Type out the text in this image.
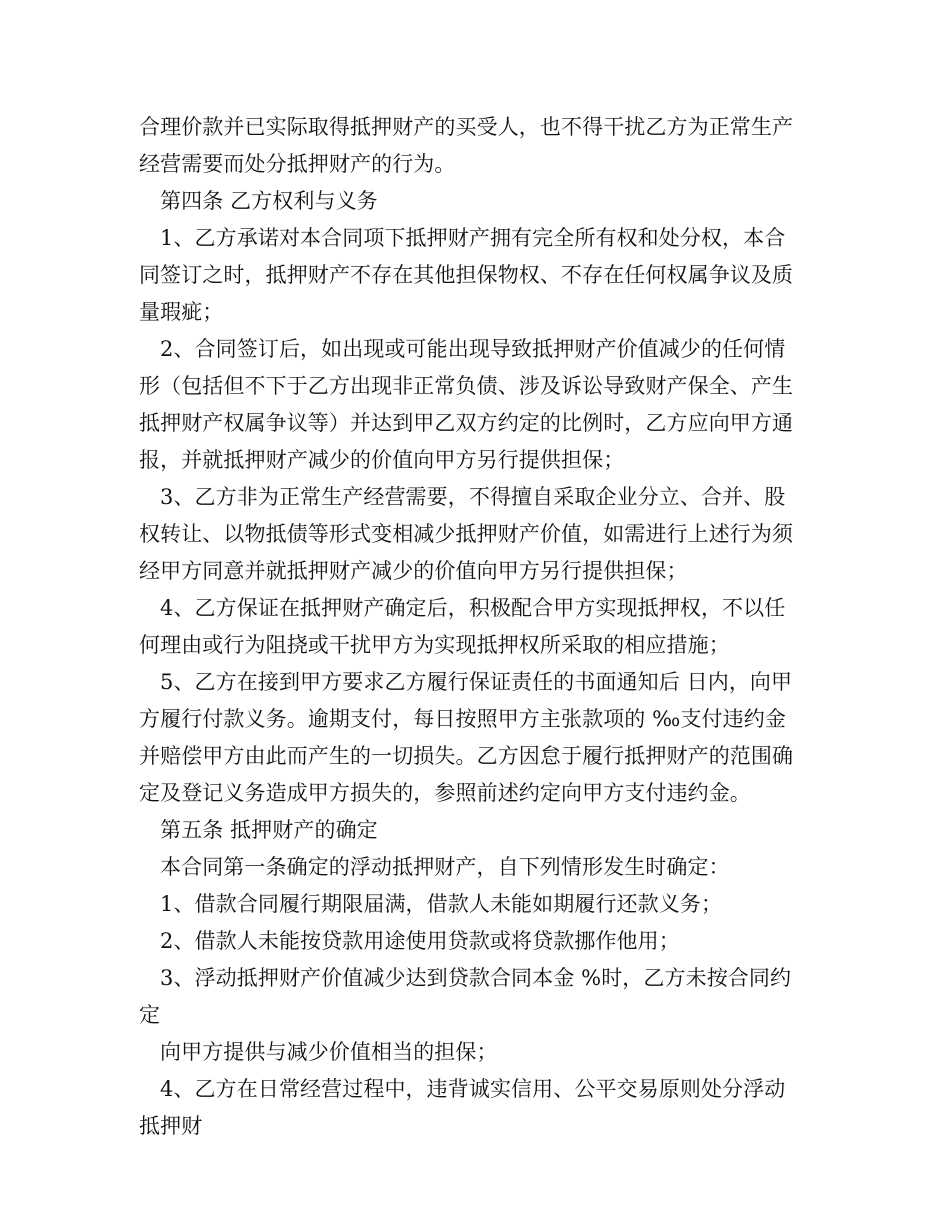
合理价款并已实际取得抵押财产的买受人，也不得干扰乙方为正常生产

经营需要而处分抵押财产的行为。

第四条 乙方权利与义务

1、乙方承诺对本合同项下抵押财产拥有完全所有权和处分权，本合

同签订之时，抵押财产不存在其他担保物权、不存在任何权属争议及质

量瑕疵；

2、合同签订后，如出现或可能出现导致抵押财产价值减少的任何情

形（包括但不下于乙方出现非正常负债、涉及诉讼导致财产保全、产生

抵押财产权属争议等）并达到甲乙双方约定的比例时，乙方应向甲方通

报，并就抵押财产减少的价值向甲方另行提供担保；

3、乙方非为正常生产经营需要，不得擅自采取企业分立、合并、股

权转让、以物抵债等形式变相减少抵押财产价值，如需进行上述行为须

经甲方同意并就抵押财产减少的价值向甲方另行提供担保；

4、乙方保证在抵押财产确定后，积极配合甲方实现抵押权，不以任

何理由或行为阻挠或干扰甲方为实现抵押权所采取的相应措施；

5、乙方在接到甲方要求乙方履行保证责任的书面通知后 日内，向甲

方履行付款义务。逾期支付，每日按照甲方主张款项的 ‰支付违约金

并赔偿甲方由此而产生的一切损失。乙方因怠于履行抵押财产的范围确

定及登记义务造成甲方损失的，参照前述约定向甲方支付违约金。

第五条 抵押财产的确定

本合同第一条确定的浮动抵押财产，自下列情形发生时确定：

1、借款合同履行期限届满，借款人未能如期履行还款义务；

2、借款人未能按贷款用途使用贷款或将贷款挪作他用；

3、浮动抵押财产价值减少达到贷款合同本金 %时，乙方未按合同约

定

向甲方提供与减少价值相当的担保；

4、乙方在日常经营过程中，违背诚实信用、公平交易原则处分浮动

抵押财
